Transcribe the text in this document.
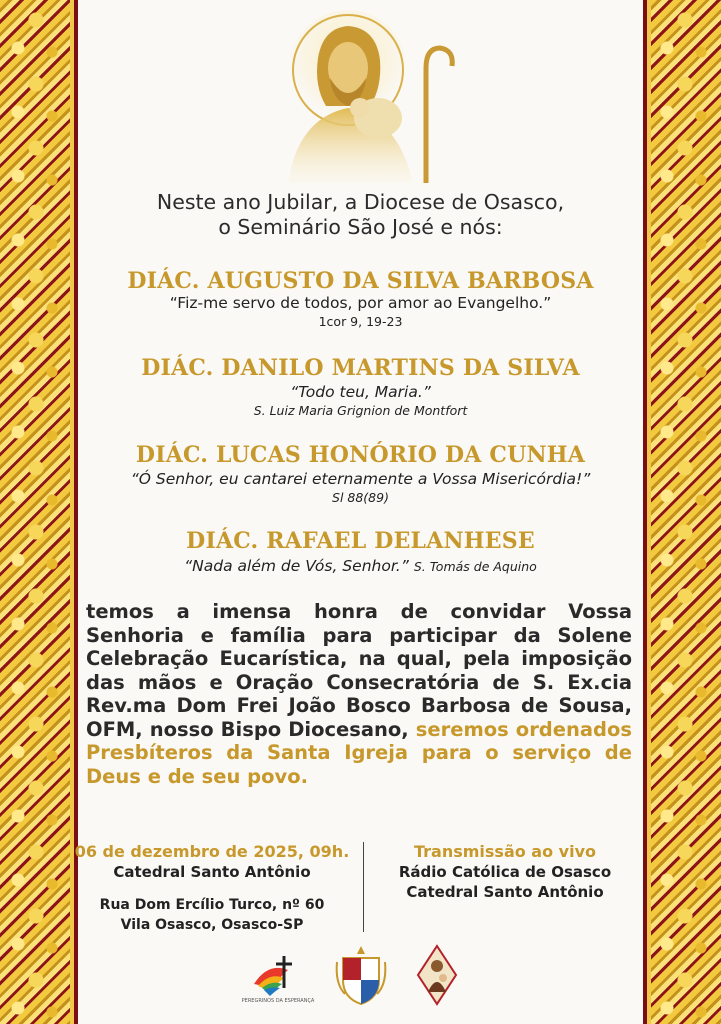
Neste ano Jubilar, a Diocese de Osasco,
o Seminário São José e nós:
DIÁC. AUGUSTO DA SILVA BARBOSA
“Fiz-me servo de todos, por amor ao Evangelho.”
1cor 9, 19-23
DIÁC. DANILO MARTINS DA SILVA
“Todo teu, Maria.”
S. Luiz Maria Grignion de Montfort
DIÁC. LUCAS HONÓRIO DA CUNHA
“Ó Senhor, eu cantarei eternamente a Vossa Misericórdia!”
Sl 88(89)
DIÁC. RAFAEL DELANHESE
“Nada além de Vós, Senhor.” S. Tomás de Aquino
temos a imensa honra de convidar Vossa Senhoria e família para participar da Solene Celebração Eucarística, na qual, pela imposição das mãos e Oração Consecratória de S. Ex.cia Rev.ma Dom Frei João Bosco Barbosa de Sousa, OFM, nosso Bispo Diocesano, seremos ordenados Presbíteros da Santa Igreja para o serviço de Deus e de seu povo.
06 de dezembro de 2025, 09h.
Catedral Santo Antônio
Rua Dom Ercílio Turco, nº 60
Vila Osasco, Osasco-SP
Transmissão ao vivo
Rádio Católica de Osasco
Catedral Santo Antônio
PEREGRINOS DA ESPERANÇA
